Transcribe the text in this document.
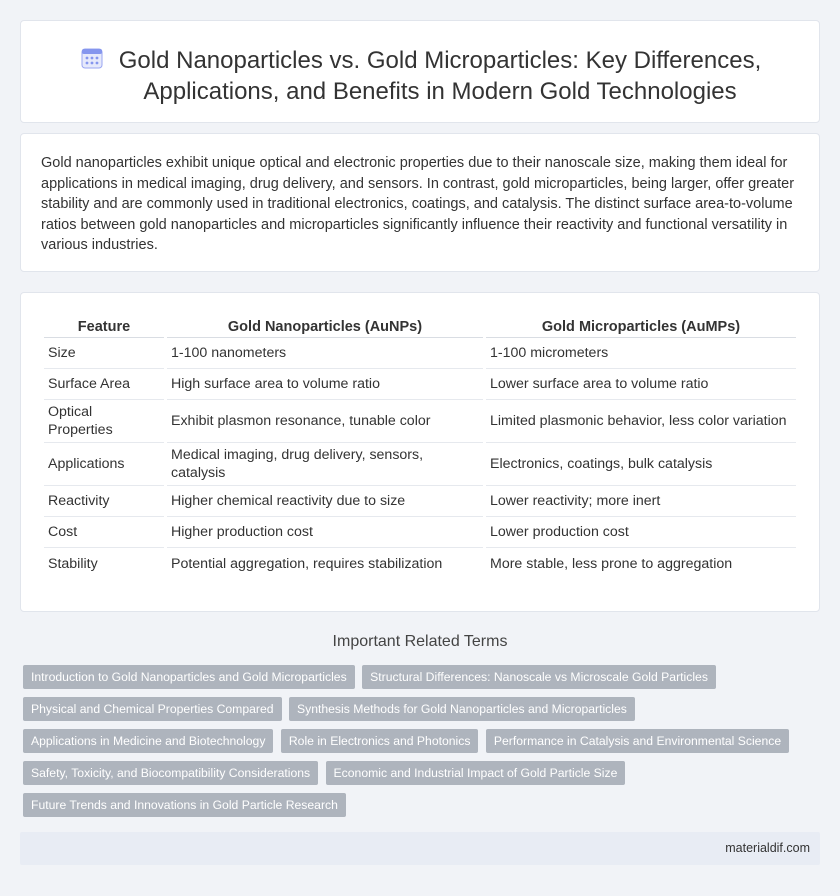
Gold Nanoparticles vs. Gold Microparticles: Key Differences,
Applications, and Benefits in Modern Gold Technologies

Gold nanoparticles exhibit unique optical and electronic properties due to their nanoscale size, making them ideal for applications in medical imaging, drug delivery, and sensors. In contrast, gold microparticles, being larger, offer greater stability and are commonly used in traditional electronics, coatings, and catalysis. The distinct surface area-to-volume ratios between gold nanoparticles and microparticles significantly influence their reactivity and functional versatility in various industries.

Feature	Gold Nanoparticles (AuNPs)	Gold Microparticles (AuMPs)
Size	1-100 nanometers	1-100 micrometers
Surface Area	High surface area to volume ratio	Lower surface area to volume ratio
Optical Properties	Exhibit plasmon resonance, tunable color	Limited plasmonic behavior, less color variation
Applications	Medical imaging, drug delivery, sensors, catalysis	Electronics, coatings, bulk catalysis
Reactivity	Higher chemical reactivity due to size	Lower reactivity; more inert
Cost	Higher production cost	Lower production cost
Stability	Potential aggregation, requires stabilization	More stable, less prone to aggregation
Important Related Terms
Introduction to Gold Nanoparticles and Gold Microparticles Structural Differences: Nanoscale vs Microscale Gold Particles
Physical and Chemical Properties Compared Synthesis Methods for Gold Nanoparticles and Microparticles
Applications in Medicine and Biotechnology Role in Electronics and Photonics Performance in Catalysis and Environmental Science
Safety, Toxicity, and Biocompatibility Considerations Economic and Industrial Impact of Gold Particle Size
Future Trends and Innovations in Gold Particle Research
materialdif.com
